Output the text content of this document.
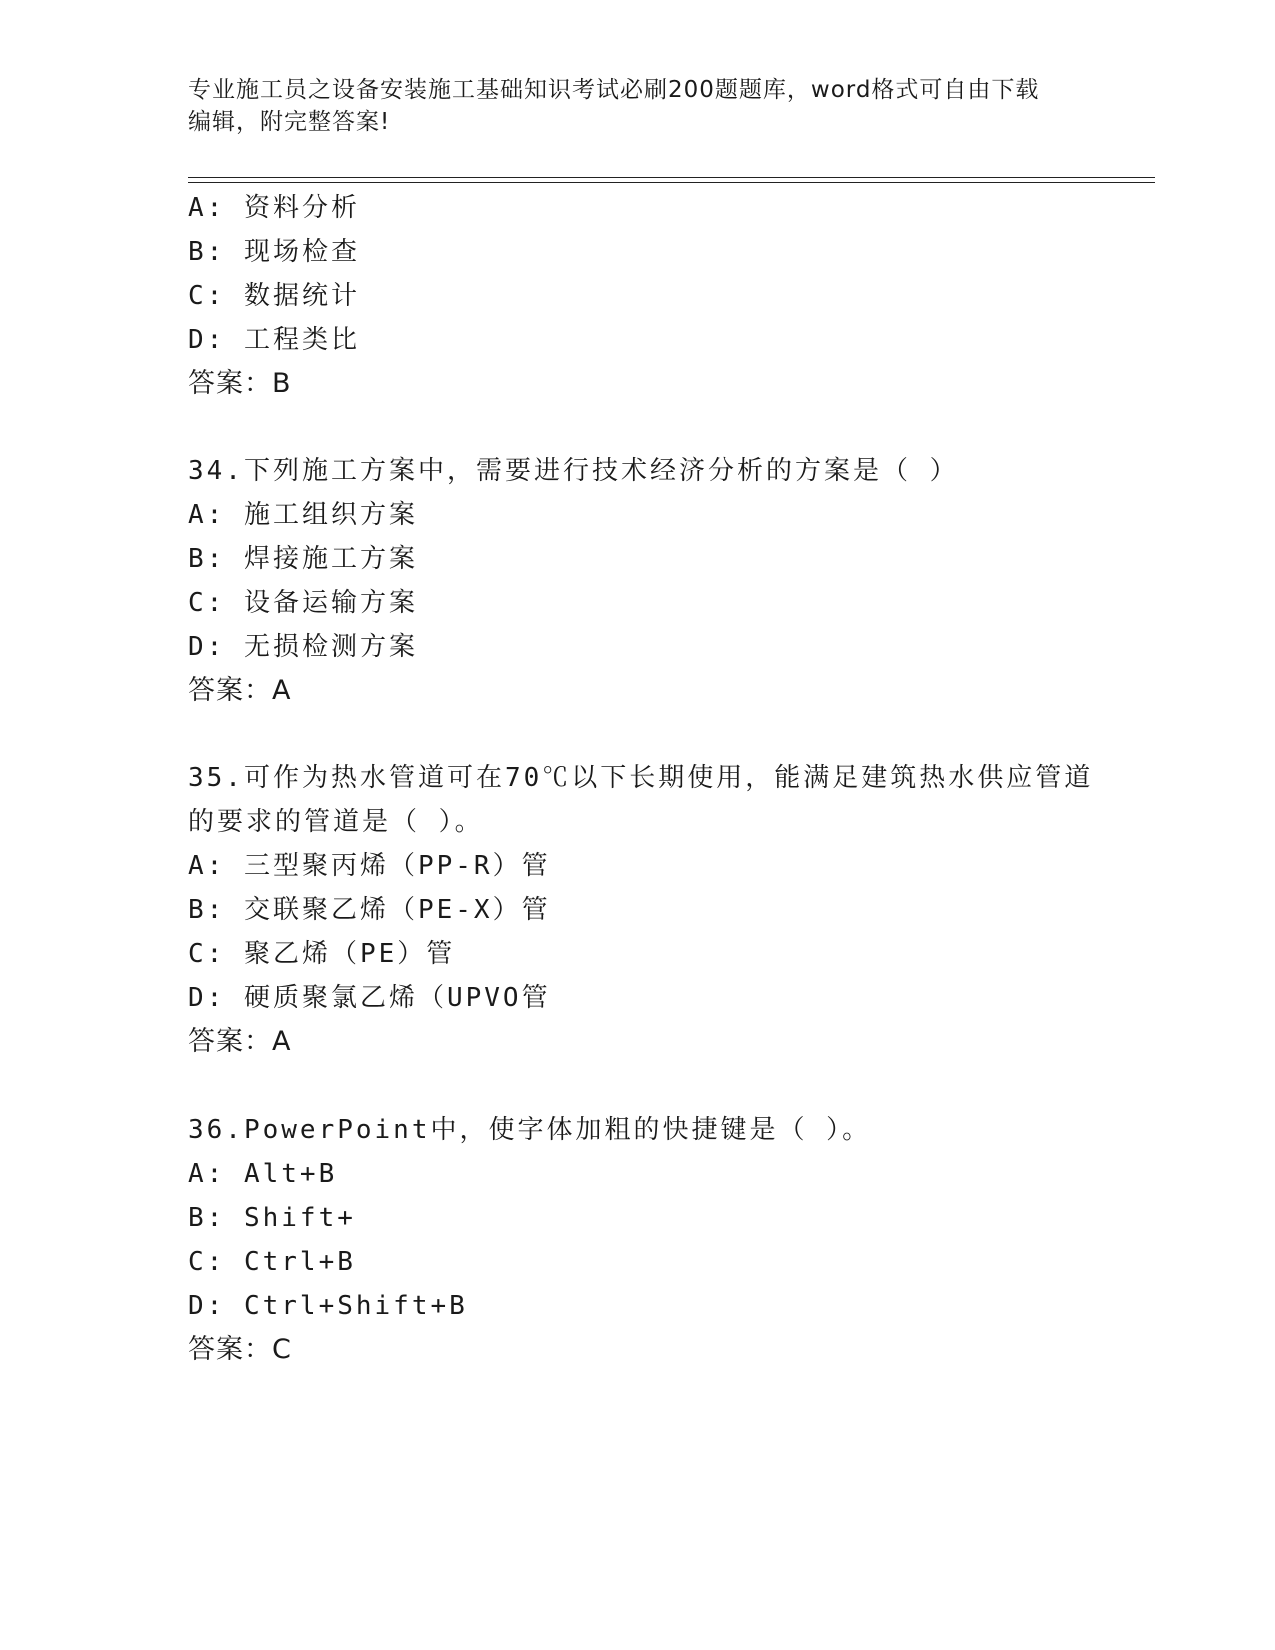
专业施工员之设备安装施工基础知识考试必刷200题题库，word格式可自由下载
编辑，附完整答案!
A: 资料分析
B: 现场检查
C: 数据统计
D: 工程类比
答案：B
34.下列施工方案中，需要进行技术经济分析的方案是（ ）
A: 施工组织方案
B: 焊接施工方案
C: 设备运输方案
D: 无损检测方案
答案：A
35.可作为热水管道可在70℃以下长期使用，能满足建筑热水供应管道
的要求的管道是（ ）。
A: 三型聚丙烯（PP-R）管
B: 交联聚乙烯（PE-X）管
C: 聚乙烯（PE）管
D: 硬质聚氯乙烯（UPVO管
答案：A
36.PowerPoint中，使字体加粗的快捷键是（ ）。
A: Alt+B
B: Shift+
C: Ctrl+B
D: Ctrl+Shift+B
答案：C
